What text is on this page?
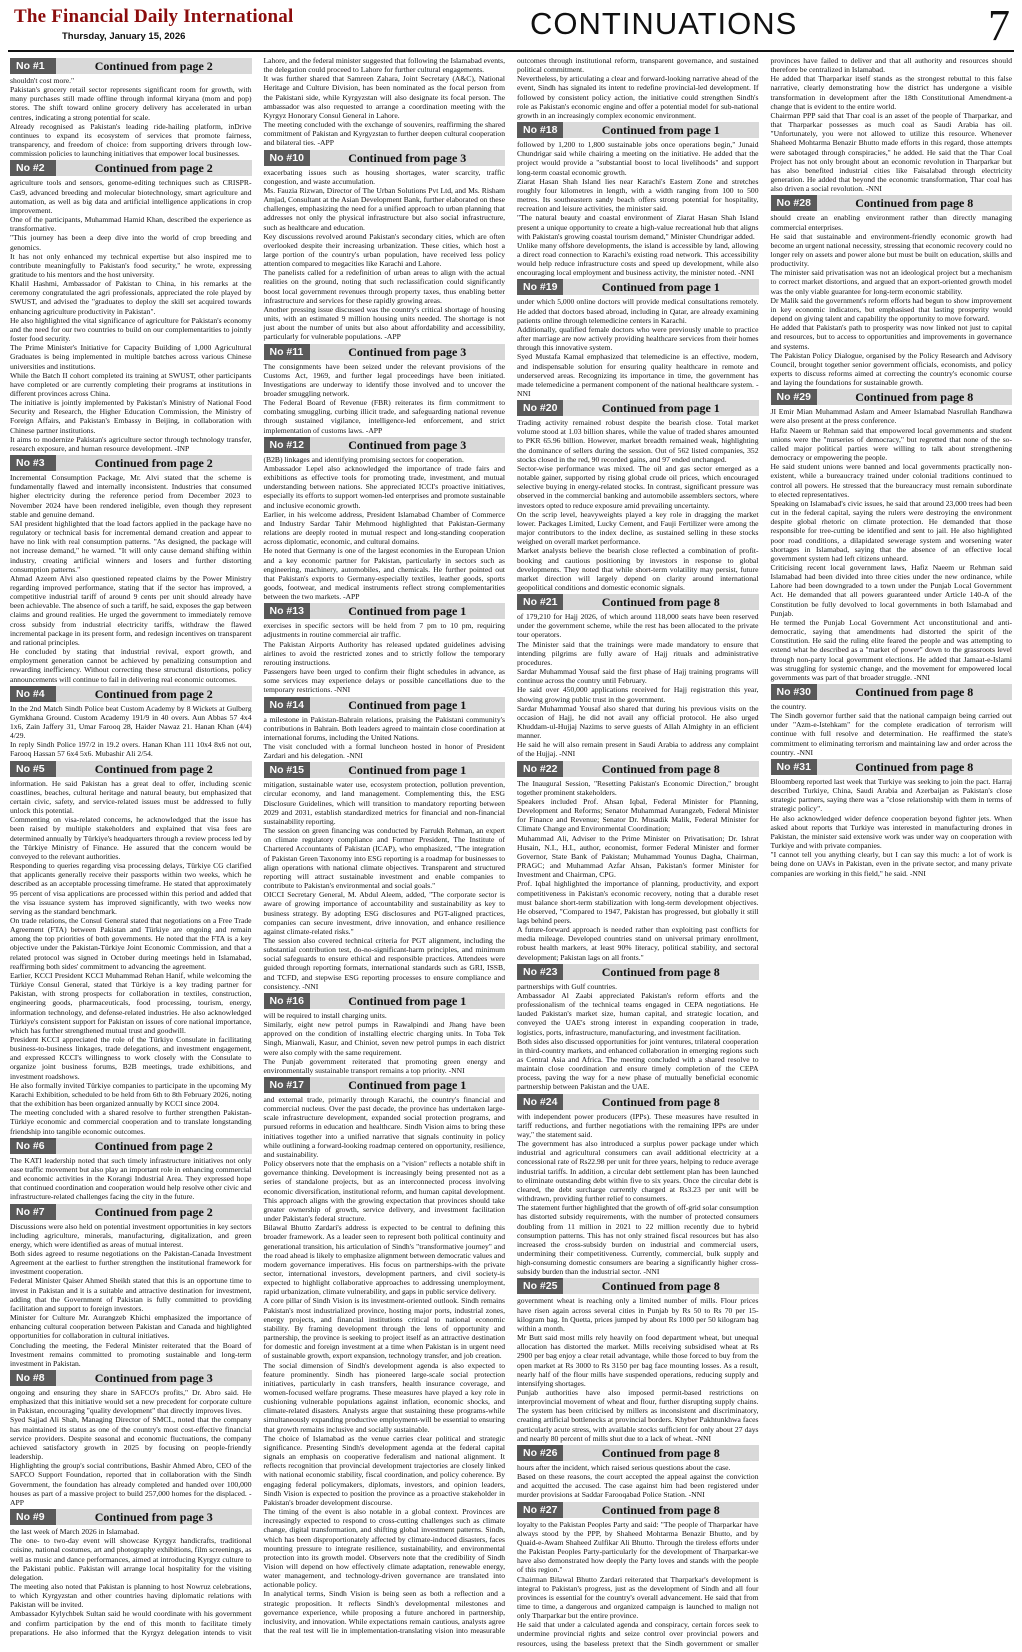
The Financial Daily International
Thursday, January 15, 2026	CONTINUATIONS	7
No #1	Continued from page 2

shouldn't cost more."

Pakistan's grocery retail sector represents significant room for growth, with many purchases still made offline through informal kiryana (mom and pop) stores. The shift toward online grocery delivery has accelerated in urban centres, indicating a strong potential for scale.

Already recognised as Pakistan's leading ride-hailing platform, inDrive continues to expand its ecosystem of services that promote fairness, transparency, and freedom of choice: from supporting drivers through low-commission policies to launching initiatives that empower local businesses.

No #2	Continued from page 2

agriculture tools and sensors, genome-editing techniques such as CRISPR-Cas9, advanced breeding and molecular biotechnology, smart agriculture and automation, as well as big data and artificial intelligence applications in crop improvement.

One of the participants, Muhammad Hamid Khan, described the experience as transformative.

"This journey has been a deep dive into the world of crop breeding and genomics.

It has not only enhanced my technical expertise but also inspired me to contribute meaningfully to Pakistan's food security," he wrote, expressing gratitude to his mentors and the host university.

Khalil Hashmi, Ambassador of Pakistan to China, in his remarks at the ceremony congratulated the agri professionals, appreciated the role played by SWUST, and advised the "graduates to deploy the skill set acquired towards enhancing agriculture productivity in Pakistan".

He also highlighted the vital significance of agriculture for Pakistan's economy and the need for our two countries to build on our complementarities to jointly foster food security.

The Prime Minister's Initiative for Capacity Building of 1,000 Agricultural Graduates is being implemented in multiple batches across various Chinese universities and institutions.

While the Batch II cohort completed its training at SWUST, other participants have completed or are currently completing their programs at institutions in different provinces across China.

The initiative is jointly implemented by Pakistan's Ministry of National Food Security and Research, the Higher Education Commission, the Ministry of Foreign Affairs, and Pakistan's Embassy in Beijing, in collaboration with Chinese partner institutions.

It aims to modernize Pakistan's agriculture sector through technology transfer, research exposure, and human resource development. -INP

No #3	Continued from page 2

Incremental Consumption Package, Mr. Alvi stated that the scheme is fundamentally flawed and internally inconsistent. Industries that consumed higher electricity during the reference period from December 2023 to November 2024 have been rendered ineligible, even though they represent stable and genuine demand.

SAI president highlighted that the load factors applied in the package have no regulatory or technical basis for incremental demand creation and appear to have no link with real consumption patterns. "As designed, the package will not increase demand," he warned. "It will only cause demand shifting within industry, creating artificial winners and losers and further distorting consumption patterns."

Ahmad Azeem Alvi also questioned repeated claims by the Power Ministry regarding improved performance, stating that if the sector has improved, a competitive industrial tariff of around 9 cents per unit should already have been achievable. The absence of such a tariff, he said, exposes the gap between claims and ground realities. He urged the government to immediately remove cross subsidy from industrial electricity tariffs, withdraw the flawed incremental package in its present form, and redesign incentives on transparent and rational principles.

He concluded by stating that industrial revival, export growth, and employment generation cannot be achieved by penalizing consumption and rewarding inefficiency. Without correcting these structural distortions, policy announcements will continue to fail in delivering real economic outcomes.

No #4	Continued from page 2

In the 2nd Match Sindh Police beat Custom Academy by 8 Wickets at Gulberg Gymkhana Ground. Custom Academy 191/9 in 40 overs. Aun Abbas 57 4x4 1x6, Zain Jaffery 31, Umar Farooq 28, Haider Nawaz 21. Hanan Khan (4/4) 4/29.

In reply Sindh Police 197/2 in 19.2 overs. Hanan Khan 111 10x4 8x6 not out, Farooq Hassan 57 6x4 5x6. Mubashir Ali 2/54.

No #5	Continued from page 2

information. He said Pakistan has a great deal to offer, including scenic coastlines, beaches, cultural heritage and natural beauty, but emphasized that certain civic, safety, and service-related issues must be addressed to fully unlock this potential.

Commenting on visa-related concerns, he acknowledged that the issue has been raised by multiple stakeholders and explained that visa fees are determined annually by Türkiye's headquarters through a review process led by the Türkiye Ministry of Finance. He assured that the concern would be conveyed to the relevant authorities.

Responding to queries regarding visa processing delays, Türkiye CG clarified that applicants generally receive their passports within two weeks, which he described as an acceptable processing timeframe. He stated that approximately 95 percent of visa applications are processed within this period and added that the visa issuance system has improved significantly, with two weeks now serving as the standard benchmark.

On trade relations, the Consul General stated that negotiations on a Free Trade Agreement (FTA) between Pakistan and Türkiye are ongoing and remain among the top priorities of both governments. He noted that the FTA is a key objective under the Pakistan-Türkiye Joint Economic Commission, and that a related protocol was signed in October during meetings held in Islamabad, reaffirming both sides' commitment to advancing the agreement.

Earlier, KCCI President KCCI Muhammad Rehan Hanif, while welcoming the Türkiye Consul General, stated that Türkiye is a key trading partner for Pakistan, with strong prospects for collaboration in textiles, construction, engineering goods, pharmaceuticals, food processing, tourism, energy, information technology, and defense-related industries. He also acknowledged Türkiye's consistent support for Pakistan on issues of core national importance, which has further strengthened mutual trust and goodwill.

President KCCI appreciated the role of the Türkiye Consulate in facilitating business-to-business linkages, trade delegations, and investment engagement, and expressed KCCI's willingness to work closely with the Consulate to organize joint business forums, B2B meetings, trade exhibitions, and investment roadshows.

He also formally invited Türkiye companies to participate in the upcoming My Karachi Exhibition, scheduled to be held from 6th to 8th February 2026, noting that the exhibition has been organized annually by KCCI since 2004.

The meeting concluded with a shared resolve to further strengthen Pakistan-Türkiye economic and commercial cooperation and to translate longstanding friendship into tangible economic outcomes.

No #6	Continued from page 2

The KATI leadership noted that such timely infrastructure initiatives not only ease traffic movement but also play an important role in enhancing commercial and economic activities in the Korangi Industrial Area. They expressed hope that continued coordination and cooperation would help resolve other civic and infrastructure-related challenges facing the city in the future.

No #7	Continued from page 2

Discussions were also held on potential investment opportunities in key sectors including agriculture, minerals, manufacturing, digitalization, and green energy, which were identified as areas of mutual interest.

Both sides agreed to resume negotiations on the Pakistan-Canada Investment Agreement at the earliest to further strengthen the institutional framework for investment cooperation.

Federal Minister Qaiser Ahmed Sheikh stated that this is an opportune time to invest in Pakistan and it is a suitable and attractive destination for investment, adding that the Government of Pakistan is fully committed to providing facilitation and support to foreign investors.

Minister for Culture Mr. Aurangzeb Khichi emphasized the importance of enhancing cultural cooperation between Pakistan and Canada and highlighted opportunities for collaboration in cultural initiatives.

Concluding the meeting, the Federal Minister reiterated that the Board of Investment remains committed to promoting sustainable and long-term investment in Pakistan.

No #8	Continued from page 3

ongoing and ensuring they share in SAFCO's profits," Dr. Abro said. He emphasized that this initiative would set a new precedent for corporate culture in Pakistan, encouraging "quality development" that directly improves lives.

Syed Sajjad Ali Shah, Managing Director of SMCL, noted that the company has maintained its status as one of the country's most cost-effective financial service providers. Despite seasonal and economic fluctuations, the company achieved satisfactory growth in 2025 by focusing on people-friendly leadership.

Highlighting the group's social contributions, Bashir Ahmed Abro, CEO of the SAFCO Support Foundation, reported that in collaboration with the Sindh Government, the foundation has already completed and handed over 100,000 houses as part of a massive project to build 257,000 homes for the displaced. -APP

No #9	Continued from page 3

the last week of March 2026 in Islamabad.

The one- to two-day event will showcase Kyrgyz handicrafts, traditional cuisine, national costumes, art and photography exhibitions, film screenings, as well as music and dance performances, aimed at introducing Kyrgyz culture to the Pakistani public. Pakistan will arrange local hospitality for the visiting delegation.

The meeting also noted that Pakistan is planning to host Nowruz celebrations, to which Kyrgyzstan and other countries having diplomatic relations with Pakistan will be invited.

Ambassador Kylychbek Sultan said he would coordinate with his government and confirm participation by the end of this month to facilitate timely preparations. He also informed that the Kyrgyz delegation intends to visit Lahore, and the federal minister suggested that following the Islamabad events, the delegation could proceed to Lahore for further cultural engagements.

It was further shared that Samreen Zahara, Joint Secretary (A&C), National Heritage and Culture Division, has been nominated as the focal person from the Pakistani side, while Kyrgyzstan will also designate its focal person. The ambassador was also requested to arrange a coordination meeting with the Kyrgyz Honorary Consul General in Lahore.

The meeting concluded with the exchange of souvenirs, reaffirming the shared commitment of Pakistan and Kyrgyzstan to further deepen cultural cooperation and bilateral ties. -APP

No #10	Continued from page 3

exacerbating issues such as housing shortages, water scarcity, traffic congestion, and waste accumulation.

Ms. Fauzia Rizwan, Director of The Urban Solutions Pvt Ltd, and Ms. Risham Amjad, Consultant at the Asian Development Bank, further elaborated on these challenges, emphasizing the need for a unified approach to urban planning that addresses not only the physical infrastructure but also social infrastructure, such as healthcare and education.

Key discussions revolved around Pakistan's secondary cities, which are often overlooked despite their increasing urbanization. These cities, which host a large portion of the country's urban population, have received less policy attention compared to megacities like Karachi and Lahore.

The panelists called for a redefinition of urban areas to align with the actual realities on the ground, noting that such reclassification could significantly boost local government revenues through property taxes, thus enabling better infrastructure and services for these rapidly growing areas.

Another pressing issue discussed was the country's critical shortage of housing units, with an estimated 9 million housing units needed. The shortage is not just about the number of units but also about affordability and accessibility, particularly for vulnerable populations. -APP

No #11	Continued from page 3

The consignments have been seized under the relevant provisions of the Customs Act, 1969, and further legal proceedings have been initiated. Investigations are underway to identify those involved and to uncover the broader smuggling network.

The Federal Board of Revenue (FBR) reiterates its firm commitment to combating smuggling, curbing illicit trade, and safeguarding national revenue through sustained vigilance, intelligence-led enforcement, and strict implementation of customs laws. -APP

No #12	Continued from page 3

(B2B) linkages and identifying promising sectors for cooperation.

Ambassador Lepel also acknowledged the importance of trade fairs and exhibitions as effective tools for promoting trade, investment, and mutual understanding between nations. She appreciated ICCI's proactive initiatives, especially its efforts to support women-led enterprises and promote sustainable and inclusive economic growth.

Earlier, in his welcome address, President Islamabad Chamber of Commerce and Industry Sardar Tahir Mehmood highlighted that Pakistan-Germany relations are deeply rooted in mutual respect and long-standing cooperation across diplomatic, economic, and cultural domains.

He noted that Germany is one of the largest economies in the European Union and a key economic partner for Pakistan, particularly in sectors such as engineering, machinery, automobiles, and chemicals. He further pointed out that Pakistan's exports to Germany-especially textiles, leather goods, sports goods, footwear, and medical instruments reflect strong complementarities between the two markets. -APP

No #13	Continued from page 1

exercises in specific sectors will be held from 7 pm to 10 pm, requiring adjustments in routine commercial air traffic.

The Pakistan Airports Authority has released updated guidelines advising airlines to avoid the restricted zones and to strictly follow the temporary rerouting instructions.

Passengers have been urged to confirm their flight schedules in advance, as some services may experience delays or possible cancellations due to the temporary restrictions. -NNI

No #14	Continued from page 1

a milestone in Pakistan-Bahrain relations, praising the Pakistani community's contributions in Bahrain. Both leaders agreed to maintain close coordination at international forums, including the United Nations.

The visit concluded with a formal luncheon hosted in honor of President Zardari and his delegation. -NNI

No #15	Continued from page 1

mitigation, sustainable water use, ecosystem protection, pollution prevention, circular economy, and land management. Complementing this, the ESG Disclosure Guidelines, which will transition to mandatory reporting between 2029 and 2031, establish standardized metrics for financial and non-financial sustainability reporting.

The session on green financing was conducted by Farrukh Rehman, an expert on climate regulatory compliance and Former President, The Institute of Chartered Accountants of Pakistan (ICAP), who emphasized, "The integration of Pakistan Green Taxonomy into ESG reporting is a roadmap for businesses to align operations with national climate objectives. Transparent and structured reporting will attract sustainable investment and enable companies to contribute to Pakistan's environmental and social goals."

OICCI Secretary General, M. Abdul Aleem, added, "The corporate sector is aware of growing importance of accountability and sustainability as key to business strategy. By adopting ESG disclosures and PGT-aligned practices, companies can secure investment, drive innovation, and enhance resilience against climate-related risks."

The session also covered technical criteria for PGT alignment, including the substantial contribution test, do-no-significant-harm principles, and minimum social safeguards to ensure ethical and responsible practices. Attendees were guided through reporting formats, international standards such as GRI, ISSB, and TCFD, and stepwise ESG reporting processes to ensure compliance and consistency. -NNI

No #16	Continued from page 1

will be required to install charging units.

Similarly, eight new petrol pumps in Rawalpindi and Jhang have been approved on the condition of installing electric charging units. In Toba Tek Singh, Mianwali, Kasur, and Chiniot, seven new petrol pumps in each district were also comply with the same requirement.

The Punjab government reiterated that promoting green energy and environmentally sustainable transport remains a top priority. -NNI

No #17	Continued from page 1

and external trade, primarily through Karachi, the country's financial and commercial nucleus. Over the past decade, the province has undertaken large-scale infrastructure development, expanded social protection programs, and pursued reforms in education and healthcare. Sindh Vision aims to bring these initiatives together into a unified narrative that signals continuity in policy while outlining a forward-looking roadmap centered on opportunity, resilience, and sustainability.

Policy observers note that the emphasis on a "vision" reflects a notable shift in governance thinking. Development is increasingly being presented not as a series of standalone projects, but as an interconnected process involving economic diversification, institutional reform, and human capital development. This approach aligns with the growing expectation that provinces should take greater ownership of growth, service delivery, and investment facilitation under Pakistan's federal structure.

Bilawal Bhutto Zardari's address is expected to be central to defining this broader framework. As a leader seen to represent both political continuity and generational transition, his articulation of Sindh's "transformative journey" and the road ahead is likely to emphasize alignment between democratic values and modern governance imperatives. His focus on partnerships-with the private sector, international investors, development partners, and civil society-is expected to highlight collaborative approaches to addressing unemployment, rapid urbanization, climate vulnerability, and gaps in public service delivery.

A core pillar of Sindh Vision is its investment-oriented outlook. Sindh remains Pakistan's most industrialized province, hosting major ports, industrial zones, energy projects, and financial institutions critical to national economic stability. By framing development through the lens of opportunity and partnership, the province is seeking to project itself as an attractive destination for domestic and foreign investment at a time when Pakistan is in urgent need of sustainable growth, export expansion, technology transfer, and job creation.

The social dimension of Sindh's development agenda is also expected to feature prominently. Sindh has pioneered large-scale social protection initiatives, particularly in cash transfers, health insurance coverage, and women-focused welfare programs. These measures have played a key role in cushioning vulnerable populations against inflation, economic shocks, and climate-related disasters. Analysts argue that sustaining these programs-while simultaneously expanding productive employment-will be essential to ensuring that growth remains inclusive and socially sustainable.

The choice of Islamabad as the venue carries clear political and strategic significance. Presenting Sindh's development agenda at the federal capital signals an emphasis on cooperative federalism and national alignment. It reflects recognition that provincial development trajectories are closely linked with national economic stability, fiscal coordination, and policy coherence. By engaging federal policymakers, diplomats, investors, and opinion leaders, Sindh Vision is expected to position the province as a proactive stakeholder in Pakistan's broader development discourse.

The timing of the event is also notable in a global context. Provinces are increasingly expected to respond to cross-cutting challenges such as climate change, digital transformation, and shifting global investment patterns. Sindh, which has been disproportionately affected by climate-induced disasters, faces mounting pressure to integrate resilience, sustainability, and environmental protection into its growth model. Observers note that the credibility of Sindh Vision will depend on how effectively climate adaptation, renewable energy, water management, and technology-driven governance are translated into actionable policy.

In analytical terms, Sindh Vision is being seen as both a reflection and a strategic proposition. It reflects Sindh's developmental milestones and governance experience, while proposing a future anchored in partnership, inclusivity, and innovation. While expectations remain cautious, analysts agree that the real test will lie in implementation-translating vision into measurable outcomes through institutional reform, transparent governance, and sustained political commitment.

Nevertheless, by articulating a clear and forward-looking narrative ahead of the event, Sindh has signaled its intent to redefine provincial-led development. If followed by consistent policy action, the initiative could strengthen Sindh's role as Pakistan's economic engine and offer a potential model for sub-national growth in an increasingly complex economic environment.

No #18	Continued from page 1

followed by 1,200 to 1,800 sustainable jobs once operations begin," Junaid Chundrigar said while chairing a meeting on the initiative. He added that the project would provide a "substantial boost to local livelihoods" and support long-term coastal economic growth.

Ziarat Hasan Shah Island lies near Karachi's Eastern Zone and stretches roughly four kilometres in length, with a width ranging from 100 to 500 metres. Its southeastern sandy beach offers strong potential for hospitality, recreation and leisure activities, the minister said.

"The natural beauty and coastal environment of Ziarat Hasan Shah Island present a unique opportunity to create a high-value recreational hub that aligns with Pakistan's growing coastal tourism demand," Minister Chundrigar added.

Unlike many offshore developments, the island is accessible by land, allowing a direct road connection to Karachi's existing road network. This accessibility would help reduce infrastructure costs and speed up development, while also encouraging local employment and business activity, the minister noted. -NNI

No #19	Continued from page 1

under which 5,000 online doctors will provide medical consultations remotely. He added that doctors based abroad, including in Qatar, are already examining patients online through telemedicine centers in Karachi.

Additionally, qualified female doctors who were previously unable to practice after marriage are now actively providing healthcare services from their homes through this innovative system.

Syed Mustafa Kamal emphasized that telemedicine is an effective, modern, and indispensable solution for ensuring quality healthcare in remote and underserved areas. Recognizing its importance in time, the government has made telemedicine a permanent component of the national healthcare system. -NNI

No #20	Continued from page 1

Trading activity remained robust despite the bearish close. Total market volume stood at 1.03 billion shares, while the value of traded shares amounted to PKR 65.96 billion. However, market breadth remained weak, highlighting the dominance of sellers during the session. Out of 562 listed companies, 352 stocks closed in the red, 90 recorded gains, and 97 ended unchanged.

Sector-wise performance was mixed. The oil and gas sector emerged as a notable gainer, supported by rising global crude oil prices, which encouraged selective buying in energy-related stocks. In contrast, significant pressure was observed in the commercial banking and automobile assemblers sectors, where investors opted to reduce exposure amid prevailing uncertainty.

On the scrip level, heavyweights played a key role in dragging the market lower. Packages Limited, Lucky Cement, and Fauji Fertilizer were among the major contributors to the index decline, as sustained selling in these stocks weighed on overall market performance.

Market analysts believe the bearish close reflected a combination of profit-booking and cautious positioning by investors in response to global developments. They noted that while short-term volatility may persist, future market direction will largely depend on clarity around international geopolitical conditions and domestic economic signals.

No #21	Continued from page 8

of 179,210 for Hajj 2026, of which around 118,000 seats have been reserved under the government scheme, while the rest has been allocated to the private tour operators.

The Minister said that the trainings were made mandatory to ensure that intending pilgrims are fully aware of Hajj rituals and administrative procedures.

Sardar Muhammad Yousaf said the first phase of Hajj training programs will continue across the country until February.

He said over 450,000 applications received for Hajj registration this year, showing growing public trust in the government.

Sardar Muhammad Yousaf also shared that during his previous visits on the occasion of Hajj, he did not avail any official protocol. He also urged Khuddam-ul-Hujjaj Nazims to serve guests of Allah Almighty in an efficient manner.

He said he will also remain present in Saudi Arabia to address any complaint of the Hujjaj. -NNI

No #22	Continued from page 8

The Inaugural Session, "Resetting Pakistan's Economic Direction," brought together prominent stakeholders.

Speakers included Prof. Ahsan Iqbal, Federal Minister for Planning, Development and Reforms; Senator Muhammad Aurangzeb, Federal Minister for Finance and Revenue; Senator Dr. Musadik Malik, Federal Minister for Climate Change and Environmental Coordination;

Muhammad Ali, Adviser to the Prime Minister on Privatisation; Dr. Ishrat Husain, N.I., H.I., author, economist, former Federal Minister and former Governor, State Bank of Pakistan; Muhammad Younus Dagha, Chairman, PRAGC; and Muhammad Azfar Ahsan, Pakistan's former Minister for Investment and Chairman, CPG.

Prof. Iqbal highlighted the importance of planning, productivity, and export competitiveness in Pakistan's economic recovery, noting that a durable reset must balance short-term stabilization with long-term development objectives. He observed, "Compared to 1947, Pakistan has progressed, but globally it still lags behind peers.

A future-forward approach is needed rather than exploiting past conflicts for media mileage. Developed countries stand on universal primary enrollment, robust health markers, at least 90% literacy, political stability, and sectoral development; Pakistan lags on all fronts."

No #23	Continued from page 8

partnerships with Gulf countries.

Ambassador Al Zaabi appreciated Pakistan's reform efforts and the professionalism of the technical teams engaged in CEPA negotiations. He lauded Pakistan's market size, human capital, and strategic location, and conveyed the UAE's strong interest in expanding cooperation in trade, logistics, ports, infrastructure, manufacturing, and investment facilitation.

Both sides also discussed opportunities for joint ventures, trilateral cooperation in third-country markets, and enhanced collaboration in emerging regions such as Central Asia and Africa. The meeting concluded with a shared resolve to maintain close coordination and ensure timely completion of the CEPA process, paving the way for a new phase of mutually beneficial economic partnership between Pakistan and the UAE.

No #24	Continued from page 8

with independent power producers (IPPs). These measures have resulted in tariff reductions, and further negotiations with the remaining IPPs are under way," the statement said.

The government has also introduced a surplus power package under which industrial and agricultural consumers can avail additional electricity at a concessional rate of Rs22.98 per unit for three years, helping to reduce average industrial tariffs. In addition, a circular debt settlement plan has been launched to eliminate outstanding debt within five to six years. Once the circular debt is cleared, the debt surcharge currently charged at Rs3.23 per unit will be withdrawn, providing further relief to consumers.

The statement further highlighted that the growth of off-grid solar consumption has distorted subsidy requirements, with the number of protected consumers doubling from 11 million in 2021 to 22 million recently due to hybrid consumption patterns. This has not only strained fiscal resources but has also increased the cross-subsidy burden on industrial and commercial users, undermining their competitiveness. Currently, commercial, bulk supply and high-consuming domestic consumers are bearing a significantly higher cross-subsidy burden than the industrial sector. -NNI

No #25	Continued from page 8

government wheat is reaching only a limited number of mills. Flour prices have risen again across several cities in Punjab by Rs 50 to Rs 70 per 15-kilogram bag. In Quetta, prices jumped by about Rs 1000 per 50 kilogram bag within a month.

Mr Butt said most mills rely heavily on food department wheat, but unequal allocation has distorted the market. Mills receiving subsidised wheat at Rs 2900 per bag enjoy a clear retail advantage, while those forced to buy from the open market at Rs 3000 to Rs 3150 per bag face mounting losses. As a result, nearly half of the flour mills have suspended operations, reducing supply and intensifying shortages.

Punjab authorities have also imposed permit-based restrictions on interprovincial movement of wheat and flour, further disrupting supply chains. The system has been criticised by millers as inconsistent and discriminatory, creating artificial bottlenecks at provincial borders. Khyber Pakhtunkhwa faces particularly acute stress, with available stocks sufficient for only about 27 days and nearly 80 percent of mills shut due to a lack of wheat. -NNI

No #26	Continued from page 8

hours after the incident, which raised serious questions about the case.

Based on these reasons, the court accepted the appeal against the conviction and acquitted the accused. The case against him had been registered under murder provisions at Saddar Farooqabad Police Station. -NNI

No #27	Continued from page 8

loyalty to the Pakistan Peoples Party and said: "The people of Tharparkar have always stood by the PPP, by Shaheed Mohtarma Benazir Bhutto, and by Quaid-e-Awam Shaheed Zulfikar Ali Bhutto. Through the tireless efforts under the Pakistan Peoples Party-particularly for the development of Tharparkar-we have also demonstrated how deeply the Party loves and stands with the people of this region."

Chairman Bilawal Bhutto Zardari reiterated that Tharparkar's development is integral to Pakistan's progress, just as the development of Sindh and all four provinces is essential for the country's overall advancement. He said that from time to time, a dangerous and organized campaign is launched to malign not only Tharparkar but the entire province.

He said that under a calculated agenda and conspiracy, certain forces seek to undermine provincial rights and seize control over provincial powers and resources, using the baseless pretext that the Sindh government or smaller provinces have failed to deliver and that all authority and resources should therefore be centralized in Islamabad.

He added that Tharparkar itself stands as the strongest rebuttal to this false narrative, clearly demonstrating how the district has undergone a visible transformation in development after the 18th Constitutional Amendment-a change that is evident to the entire world.

Chairman PPP said that Thar coal is an asset of the people of Tharparkar, and that Tharparkar possesses as much coal as Saudi Arabia has oil. "Unfortunately, you were not allowed to utilize this resource. Whenever Shaheed Mohtarma Benazir Bhutto made efforts in this regard, those attempts were sabotaged through conspiracies," he added. He said that the Thar Coal Project has not only brought about an economic revolution in Tharparkar but has also benefited industrial cities like Faisalabad through electricity generation. He added that beyond the economic transformation, Thar coal has also driven a social revolution. -NNI

No #28	Continued from page 8

should create an enabling environment rather than directly managing commercial enterprises.

He said that sustainable and environment-friendly economic growth had become an urgent national necessity, stressing that economic recovery could no longer rely on assets and power alone but must be built on education, skills and productivity.

The minister said privatisation was not an ideological project but a mechanism to correct market distortions, and argued that an export-oriented growth model was the only viable guarantee for long-term economic stability.

Dr Malik said the government's reform efforts had begun to show improvement in key economic indicators, but emphasised that lasting prosperity would depend on giving talent and capability the opportunity to move forward.

He added that Pakistan's path to prosperity was now linked not just to capital and resources, but to access to opportunities and improvements in governance and systems.

The Pakistan Policy Dialogue, organised by the Policy Research and Advisory Council, brought together senior government officials, economists, and policy experts to discuss reforms aimed at correcting the country's economic course and laying the foundations for sustainable growth.

No #29	Continued from page 8

JI Emir Mian Muhammad Aslam and Ameer Islamabad Nasrullah Randhawa were also present at the press conference.

Hafiz Naeem ur Rehman said that empowered local governments and student unions were the "nurseries of democracy," but regretted that none of the so-called major political parties were willing to talk about strengthening democracy or empowering the people.

He said student unions were banned and local governments practically non-existent, while a bureaucracy trained under colonial traditions continued to control all powers. He stressed that the bureaucracy must remain subordinate to elected representatives.

Speaking on Islamabad's civic issues, he said that around 23,000 trees had been cut in the federal capital, saying the rulers were destroying the environment despite global rhetoric on climate protection. He demanded that those responsible for tree-cutting be identified and sent to jail. He also highlighted poor road conditions, a dilapidated sewerage system and worsening water shortages in Islamabad, saying that the absence of an effective local government system had left citizens unheard.

Criticising recent local government laws, Hafiz Naeem ur Rehman said Islamabad had been divided into three cities under the new ordinance, while Lahore had been downgraded to a town under the Punjab Local Government Act. He demanded that all powers guaranteed under Article 140-A of the Constitution be fully devolved to local governments in both Islamabad and Punjab.

He termed the Punjab Local Government Act unconstitutional and anti-democratic, saying that amendments had distorted the spirit of the Constitution. He said the ruling elite feared the people and was attempting to extend what he described as a "market of power" down to the grassroots level through non-party local government elections. He added that Jamaat-e-Islami was struggling for systemic change, and the movement for empowered local governments was part of that broader struggle. -NNI

No #30	Continued from page 8

the country.

The Sindh governor further said that the national campaign being carried out under "Azm-e-Istehkam" for the complete eradication of terrorism will continue with full resolve and determination. He reaffirmed the state's commitment to eliminating terrorism and maintaining law and order across the country. -NNI

No #31	Continued from page 8

Bloomberg reported last week that Turkiye was seeking to join the pact. Harraj described Turkiye, China, Saudi Arabia and Azerbaijan as Pakistan's close strategic partners, saying there was a "close relationship with them in terms of strategic policy".

He also acknowledged wider defence cooperation beyond fighter jets. When asked about reports that Turkiye was interested in manufacturing drones in Pakistan, the minister said extensive work was under way on cooperation with Turkiye and with private companies.

"I cannot tell you anything clearly, but I can say this much: a lot of work is being done on UAVs in Pakistan, even in the private sector, and many private companies are working in this field," he said. -NNI
